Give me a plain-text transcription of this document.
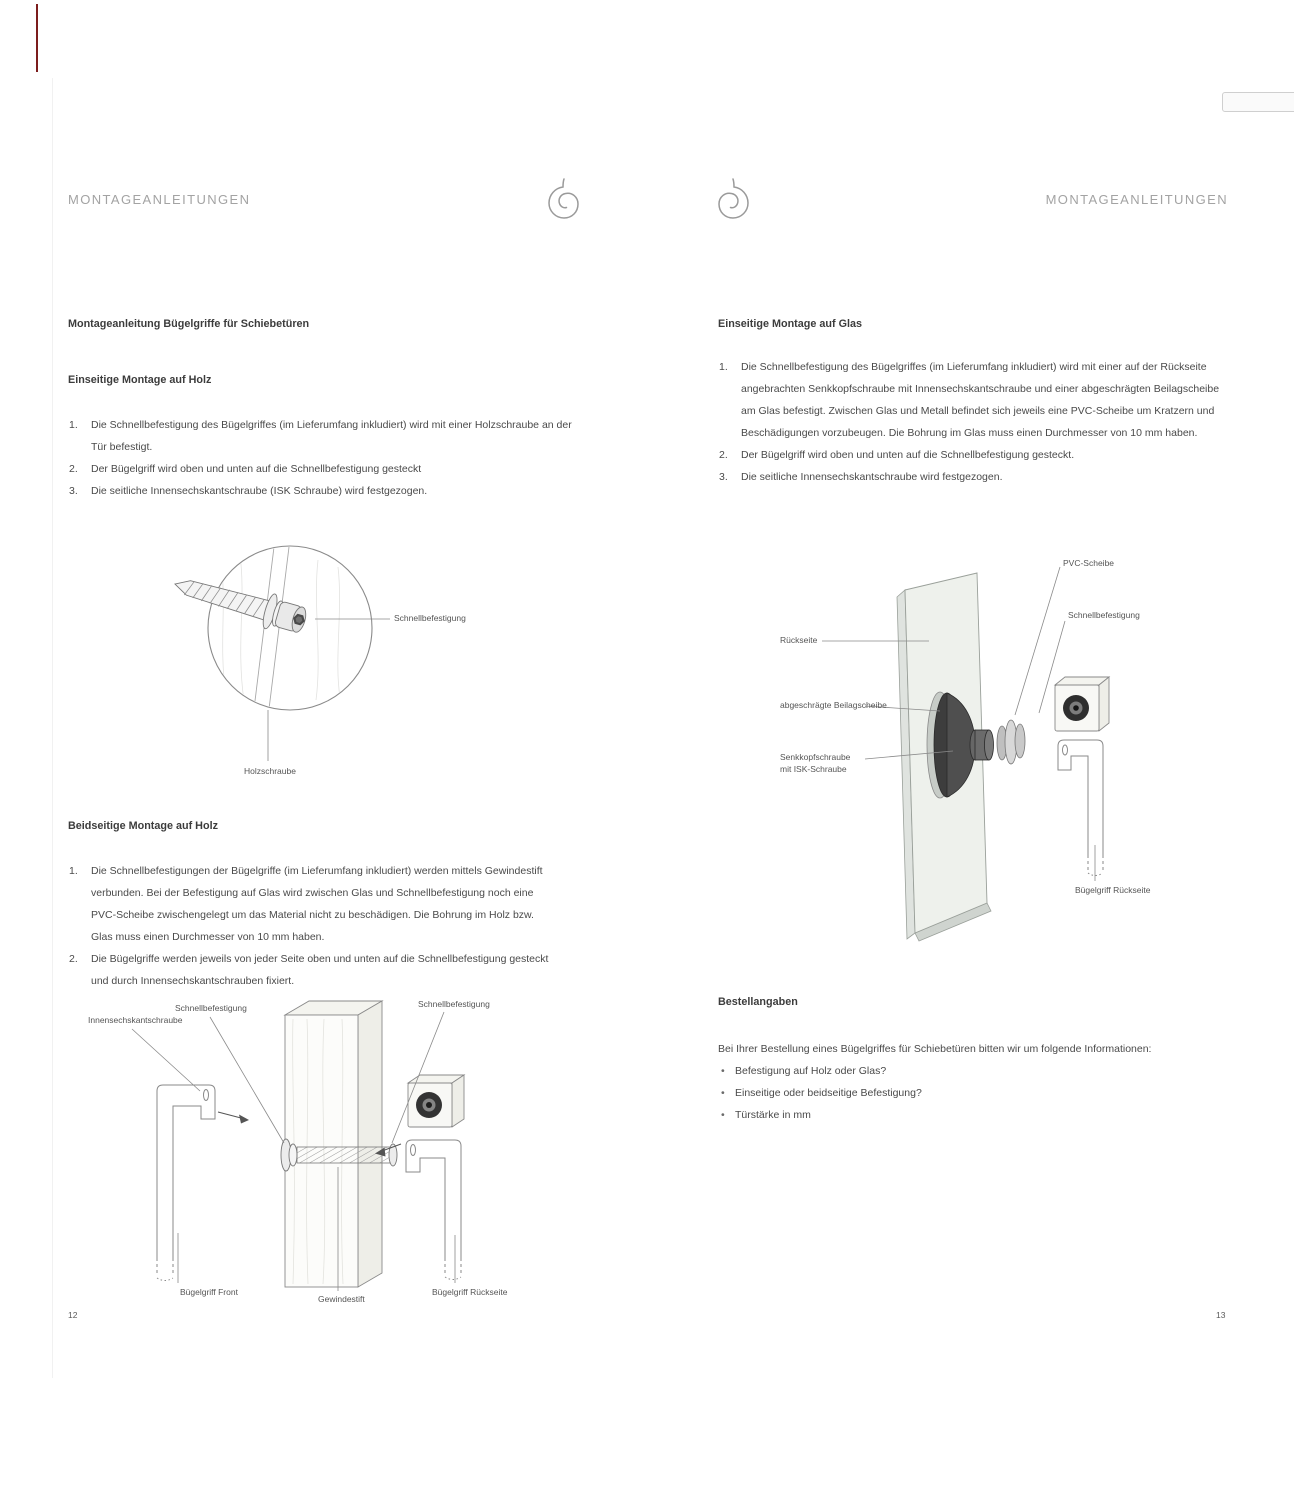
MONTAGEANLEITUNGEN
Montageanleitung Bügelgriffe für Schiebetüren
Einseitige Montage auf Holz
Die Schnellbefestigung des Bügelgriffes (im Lieferumfang inkludiert) wird mit einer Holzschraube an der Tür befestigt.
Der Bügelgriff wird oben und unten auf die Schnellbefestigung gesteckt
Die seitliche Innensechskantschraube (ISK Schraube) wird festgezogen.
Schnellbefestigung
Holzschraube
Beidseitige Montage auf Holz
Die Schnellbefestigungen der Bügelgriffe (im Lieferumfang inkludiert) werden mittels Gewindestift verbunden. Bei der Befestigung auf Glas wird zwischen Glas und Schnellbefestigung noch eine PVC-Scheibe zwischengelegt um das Material nicht zu beschädigen. Die Bohrung im Holz bzw. Glas muss einen Durchmesser von 10 mm haben.
Die Bügelgriffe werden jeweils von jeder Seite oben und unten auf die Schnellbefestigung gesteckt und durch Innensechskantschrauben fixiert.
Innensechskantschraube
Schnellbefestigung	Schnellbefestigung
Bügelgriff Front
Gewindestift
Bügelgriff Rückseite
12
MONTAGEANLEITUNGEN
Einseitige Montage auf Glas
Die Schnellbefestigung des Bügelgriffes (im Lieferumfang inkludiert) wird mit einer auf der Rückseite angebrachten Senkkopfschraube mit Innensechskantschraube und einer abgeschrägten Beilagscheibe am Glas befestigt. Zwischen Glas und Metall befindet sich jeweils eine PVC-Scheibe um Kratzern und Beschädigungen vorzubeugen. Die Bohrung im Glas muss einen Durchmesser von 10 mm haben.
Der Bügelgriff wird oben und unten auf die Schnellbefestigung gesteckt.
Die seitliche Innensechskantschraube wird festgezogen.
PVC-Scheibe
Schnellbefestigung
Rückseite
abgeschrägte Beilagscheibe
Senkkopfschraube
mit ISK-Schraube
Bügelgriff Rückseite
Bestellangaben
Bei Ihrer Bestellung eines Bügelgriffes für Schiebetüren bitten wir um folgende Informationen:
• Befestigung auf Holz oder Glas?
• Einseitige oder beidseitige Befestigung?
• Türstärke in mm
13
